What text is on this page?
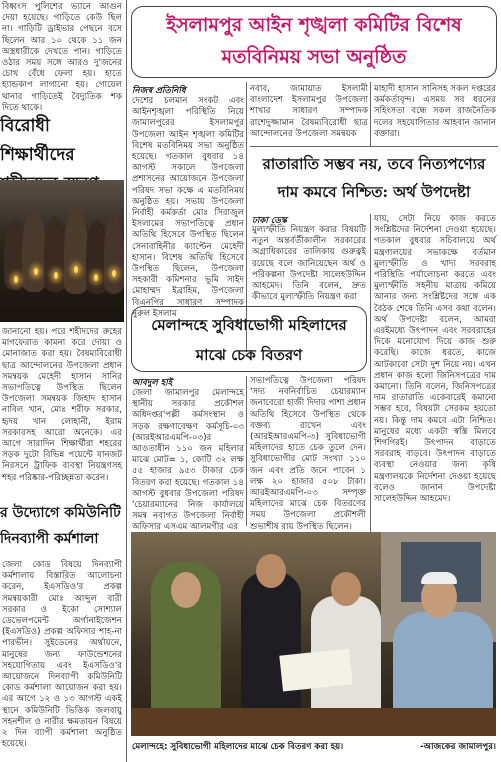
বিধ্বংস পুলিশের ভ্যানে আগুন দেয়া হয়েছে। গাড়িতে কেউ ছিল না। গাড়িটি ড্রাইভার পেছনে বসে ছিলেন আর ১০ থেকে ১১ জন অস্ত্রধারীকে দেখতে পান। গাড়িতে ওঠার সময় সঙ্গে আরও দু'জনের চোখ বেঁধে ফেলা হয়। হাতে হ্যান্ডকাপ লাগানো হয়। গোয়েল থানার গাড়িতেই বৈদ্যুতিক শক দিতে থাকে।
বিরোধী শিক্ষার্থীদের
জানানো হয়। পরে শহীদদের রুহের মাগফেরাত কামনা করে দোয়া ও মোনাজাত করা হয়। বৈষম্যবিরোধী ছাত্র আন্দোলনের উপজেলা প্রধান সমন্বয়ক মেহেদী হাসান সানির সভাপতিত্বে উপস্থিত ছিলেন উপজেলা সমন্বয়ক জিহাদ হাসান নাবিল খান, মোঃ শরীফ সরকার, হৃদয় খান লোহানী, ইরাম সরকারসহ আরো অনেকে। এর আগে সারাদিন শিক্ষার্থীরা শহরের সড়ক দুটো বিভিন্ন পয়েন্টে যানজট নিরসনে ট্রাফিক ব্যবস্থা নিয়ন্ত্রণসহ শহর পরিষ্কার-পরিচ্ছন্নতা করেন।
র উদ্যোগে কমিউনিটি দিনব্যাপী কর্মশালা
জেলা কোড বিষয়ে দিনব্যাপী কর্মশালায় বিস্তারিত আলোচনা করেন, ইএসডিও'র প্রকল্প সমন্বয়কারী মোঃ আব্দুল বারী সরকার ও ইকো সোশ্যাল ডেভেলপমেন্ট অর্গানাইজেশন (ইএসডিও) প্রকল্প অফিসার শাহ-না পারভীন। সুইডেনের অর্থায়নে, মানুষের জন্য ফাউন্ডেশনের সহযোগিতায় এবং ইএসডিও'র আয়োজনে দিনব্যাপী কমিউনিটি কোড কর্মশালা আয়োজন করা হয়। এর আগে ১২ ও ১৩ আগস্ট একই স্থানে কমিউনিটি ভিত্তিক জলবায়ু সহনশীল ও নারীর ক্ষমতায়ন বিষয়ে ২ দিন ব্যাপী কর্মশালা অনুষ্ঠিত হয়েছে।
ইসলামপুর আইন শৃঙ্খলা কমিটির বিশেষ
মতবিনিময় সভা অনুষ্ঠিত
নিজস্ব প্রতিনিধি
দেশের চলমান সংকট এবং আইনশৃঙ্খলা পরিস্থিতি নিয়ে জামালপুরের ইসলামপুর উপজেলা আইন শৃঙ্খলা কমিটির বিশেষ মতবিনিময় সভা অনুষ্ঠিত হয়েছে। গতকাল বুধবার ১৪ আগস্ট সকালে উপজেলা প্রশাসনের আয়োজনে উপজেলা পরিষদ সভা কক্ষে এ মতবিনিময় অনুষ্ঠিত হয়। সভায় উপজেলা নির্বাহী কর্মকর্তা মোঃ সিরাজুল ইসলামের সভাপতিত্বে প্রধান অতিথি হিসেবে উপস্থিত ছিলেন সেনাবাহিনীর ক্যাপ্টেন মেহেদী হাসান। বিশেষ অতিথি হিসেবে উপস্থিত ছিলেন, উপজেলা সহকারী কমিশনার ভূমি সাইদ মোহাম্মদ ইব্রাহিম, উপজেলা বিএনপির সাধারণ সম্পাদক নুরুল ইসলাম
নবাব, জামায়াত ইসলামী বাংলাদেশ ইসলামপুর উপজেলা শাখার সাধারণ সম্পাদক রাশেদুজ্জামান বৈষম্যবিরোধী ছাত্র আন্দোলনের উপজেলা সমন্বয়ক
মাহাদী হাসান সানিসহ সকল দপ্তরের কর্মকর্তাবৃন্দ। এসময় সব ধরনের সহিংসতা বন্ধে সকল রাজনৈতিক দলের সহযোগিতার আহবান জানান বক্তারা।
রাতারাতি সম্ভব নয়, তবে নিত্যপণ্যের
দাম কমবে নিশ্চিত: অর্থ উপদেষ্টা
ঢাকা ডেস্ক
মুল্যস্ফীতি নিয়ন্ত্রণ করার বিষয়টি নতুন অন্তর্বর্তীকালীন সরকারের অগ্রাধিকারের তালিকায় গুরুত্বই রয়েছে বলে জানিয়েছেন অর্থ ও পরিকল্পনা উপদেষ্টা সালেহউদ্দিন আহমেদ। তিনি বলেন, দ্রুত কীভাবে মুল্যস্ফীতি নিয়ন্ত্রণ করা
যায়, সেটা নিয়ে কাজ করতে সংশ্লিষ্টদের নির্দেশনা দেওয়া হয়েছে। গতকাল বুধবার সচিবালয়ে অর্থ মন্ত্রণালয়ের সভাকক্ষে বর্তমান মুল্যস্ফীতি ও খাদ্য সরবরাহ পরিস্থিতি পর্যালোচনা করতে এবং মুল্যস্ফীতি সহনীয় মাত্রায় কমিয়ে আনার জন্য সংশ্লিষ্টদের সঙ্গে এক বৈঠক শেষে তিনি এসব কথা বলেন। অর্থ উপদেষ্টা বলেন, আমরা এরইমধ্যে উৎপাদন এবং সরবরাহের দিকে মনোযোগ দিয়ে কাজ শুরু করেছি। কাজে ধরতে, কাজে আটকাবো সেটা দুশ নিয়ে নয়। এখন প্রধান কাজ হলো জিনিসপত্রের দাম কমানো। তিনি বলেন, জিনিসপত্রের দাম রাতারাতি একেবারেই কমানো সম্ভব হবে, বিষয়টা সেরকম হয়তো নয়। কিন্তু দাম কমবে এটা নিশ্চিত। মানুষের মধ্যে একটা স্বস্তি মিলবে শিগগিরই। উৎপাদন বাড়াতে সরবরাহ বাড়বে। উৎপাদন বাড়াতে ব্যবস্থা নেওয়ার জন্য কৃষি মন্ত্রণালয়কে নির্দেশনা দেওয়া হয়েছে বলেও জানান উপদেষ্টা সালেহউদ্দিন আহমেদ।
মেলান্দহে সুবিধাভোগী মহিলাদের
মাঝে চেক বিতরণ
আবদুল হাই
জেলা জামালপুর মেলান্দহে স্থানীয় সরকার প্রকৌশল অধিদপ্তর'পল্লী কর্মসংস্থান ও সড়ক রক্ষণাবেক্ষণ কর্মসূচি-০৩ (আরইআরএমপি-০৩)র আওতাধীন ১১০ জন মহিলার মাঝে মোট= ১, কোটি ৩২ লক্ষ ৫৫ হাজার ৯৫৩ টাকার চেক বিতরণ করা হয়েছে। গতকাল ১৪ আগস্ট বুধবার উপজেলা পরিষদ 'চেয়ারম্যানের নিজ কার্যালয়ে সমন্ব নবাগত উপজেলা নির্বাহী অফিসার এসএম আলমগীর এর
সভাপতিত্বে উপজেলা পরিষদ 'সদ্য নবনির্বাচিত চেয়ারম্যান জনাবেরো হাজী দিদার পাশা প্রধান অতিথি হিসেবে উপস্থিত থেকে বক্তব্য রাখেন এবং (আরইআরএমপি-৩) সুবিধাভোগী মহিলাদের হাতে চেক তুলে দেন। সুবিধাভোগীর মোট সংখ্যা ১১০ জন এবং প্রতি জনে পাবেন ১ লক্ষ ২০ হাজার ৫০৮ টাকা। আরইআরএমপি-০৩ সম্পৃক্ত মহিলাদের মাঝে চেক বিতরণের সময় উপজেলা প্রকৌশলী শুভাশীষ রায় উপস্থিত ছিলেন।
মেলান্দহে: সুবিধাভোগী মহিলাদের মাঝে চেক বিতরণ করা হয়।	-আজকের জামালপুর।
